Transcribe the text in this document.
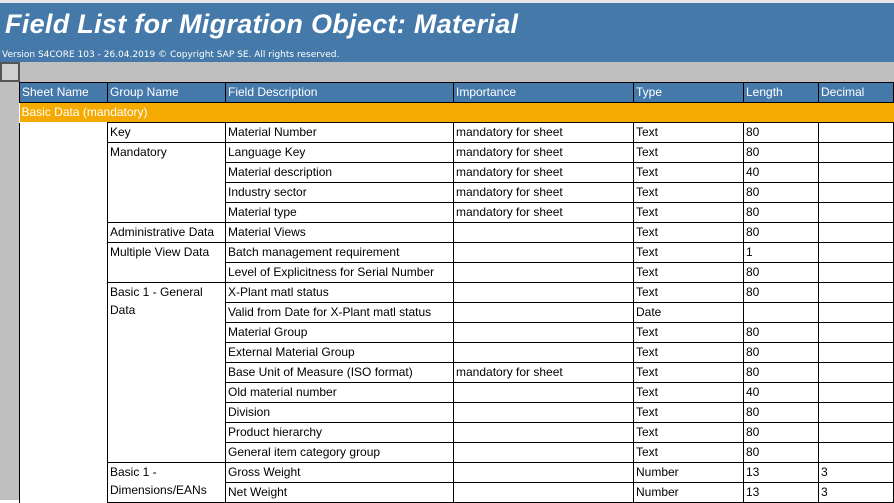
Field List for Migration Object: Material
Version S4CORE 103 - 26.04.2019 © Copyright SAP SE. All rights reserved.
Sheet Name	Group Name	Field Description	Importance	Type	Length	Decimal
Basic Data (mandatory)						
	Key	Material Number	mandatory for sheet	Text	80	
	Mandatory	Language Key	mandatory for sheet	Text	80	
		Material description	mandatory for sheet	Text	40	
		Industry sector	mandatory for sheet	Text	80	
		Material type	mandatory for sheet	Text	80	
	Administrative Data	Material Views		Text	80	
	Multiple View Data	Batch management requirement		Text	1	
		Level of Explicitness for Serial Number		Text	80	
	Basic 1 - General Data	X-Plant matl status		Text	80	
		Valid from Date for X-Plant matl status		Date		
		Material Group		Text	80	
		External Material Group		Text	80	
		Base Unit of Measure (ISO format)	mandatory for sheet	Text	80	
		Old material number		Text	40	
		Division		Text	80	
		Product hierarchy		Text	80	
		General item category group		Text	80	
	Basic 1 - Dimensions/EANs	Gross Weight		Number	13	3
		Net Weight		Number	13	3
